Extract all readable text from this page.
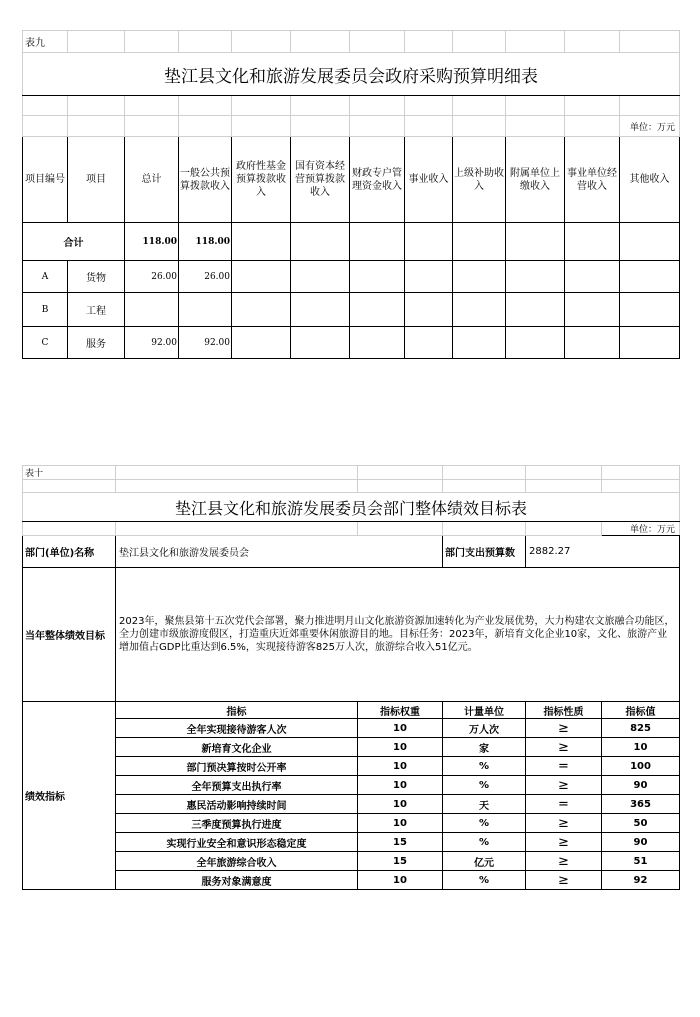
表九											
垫江县文化和旅游发展委员会政府采购预算明细表											

											单位：万元
项目编号	项目	总计	一般公共预算拨款收入	政府性基金预算拨款收入	国有资本经营预算拨款收入	财政专户管理资金收入	事业收入	上级补助收入	附属单位上缴收入	事业单位经营收入	其他收入
合计		118.00	118.00								
A	货物	26.00	26.00								
B	工程										
C	服务	92.00	92.00								
表十					

垫江县文化和旅游发展委员会部门整体绩效目标表					
					单位：万元
部门(单位)名称	垫江县文化和旅游发展委员会		部门支出预算数	2882.27	
当年整体绩效目标	2023年，聚焦县第十五次党代会部署，聚力推进明月山文化旅游资源加速转化为产业发展优势，大力构建农文旅融合功能区，全力创建市级旅游度假区，打造重庆近郊重要休闲旅游目的地。目标任务：2023年，新培育文化企业10家，文化、旅游产业增加值占GDP比重达到6.5%，实现接待游客825万人次，旅游综合收入51亿元。				
绩效指标	指标	指标权重	计量单位	指标性质	指标值
	全年实现接待游客人次	10	万人次	≥	825
	新培育文化企业	10	家	≥	10
	部门预决算按时公开率	10	%	=	100
	全年预算支出执行率	10	%	≥	90
	惠民活动影响持续时间	10	天	=	365
	三季度预算执行进度	10	%	≥	50
	实现行业安全和意识形态稳定度	15	%	≥	90
	全年旅游综合收入	15	亿元	≥	51
	服务对象满意度	10	%	≥	92
